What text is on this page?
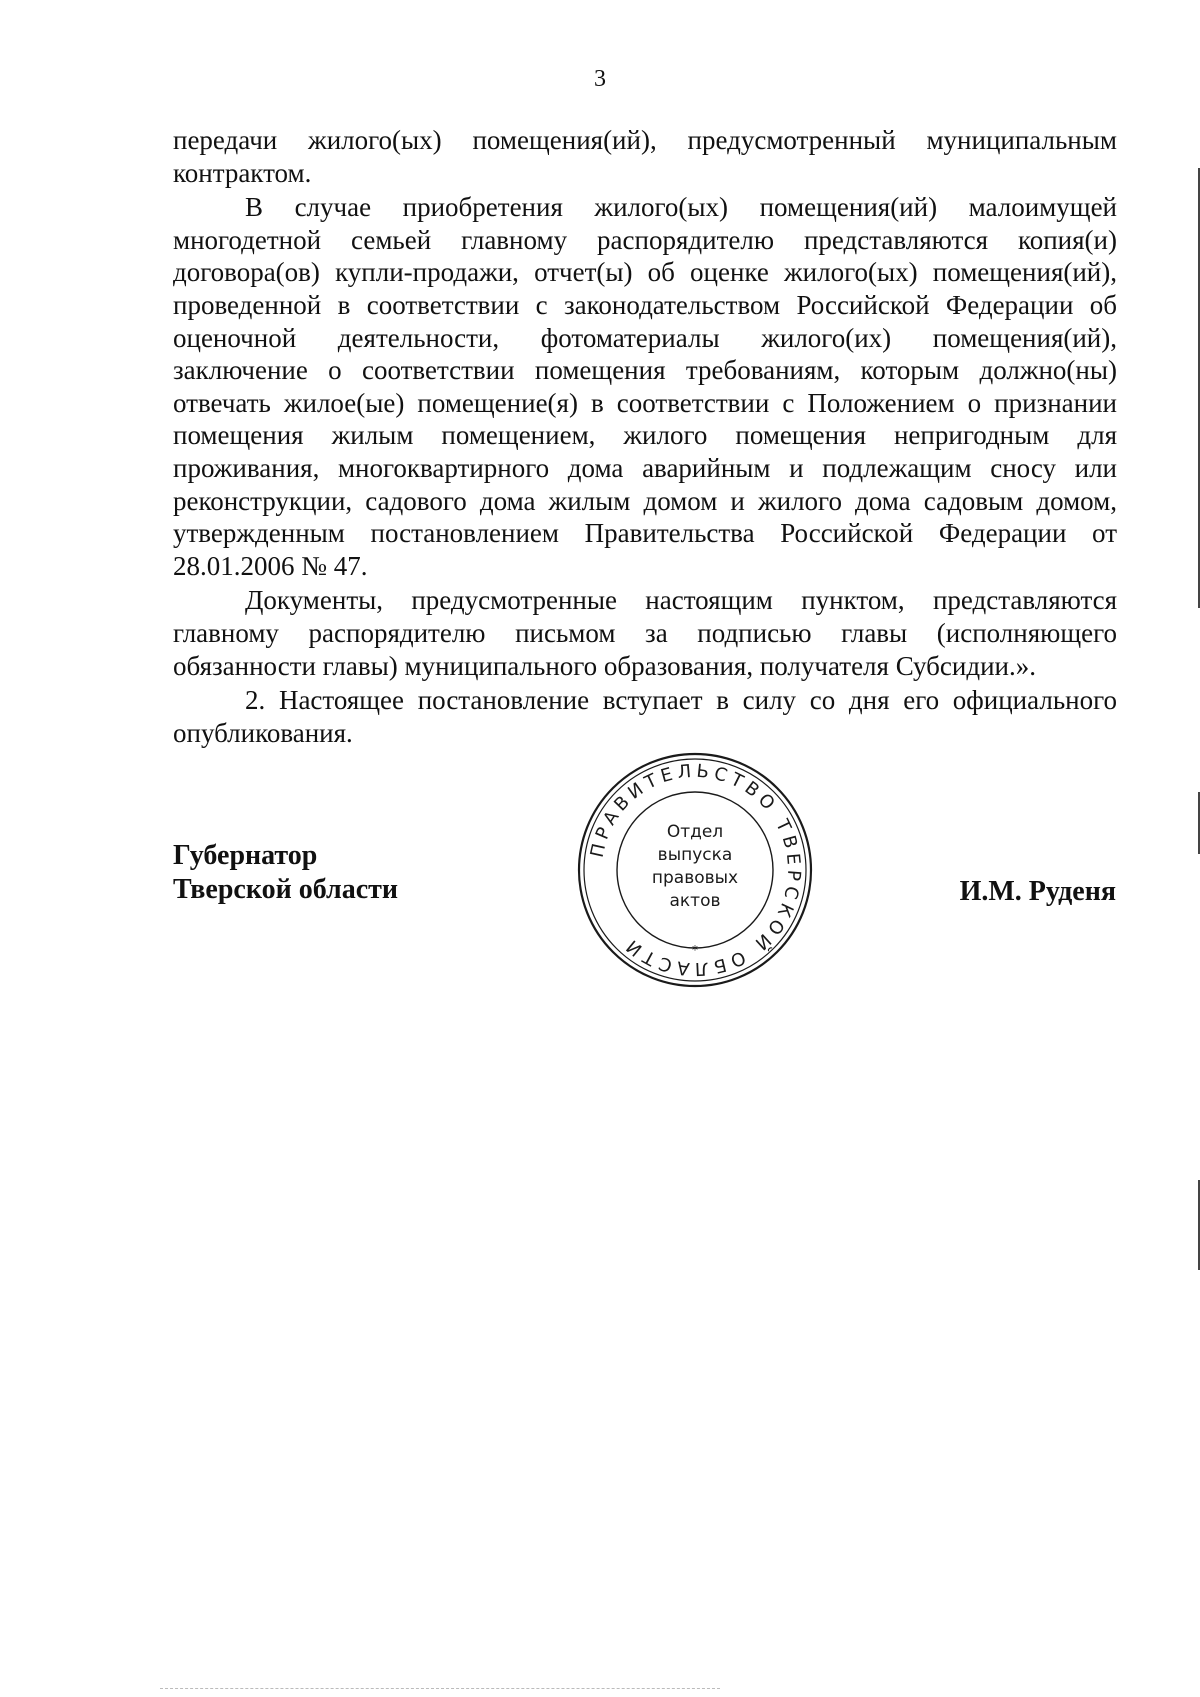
3

передачи жилого(ых) помещения(ий), предусмотренный муниципальным контрактом.

В случае приобретения жилого(ых) помещения(ий) малоимущей многодетной семьей главному распорядителю представляются копия(и) договора(ов) купли-продажи, отчет(ы) об оценке жилого(ых) помещения(ий), проведенной в соответствии с законодательством Российской Федерации об оценочной деятельности, фотоматериалы жилого(их) помещения(ий), заключение о соответствии помещения требованиям, которым должно(ны) отвечать жилое(ые) помещение(я) в соответствии с Положением о признании помещения жилым помещением, жилого помещения непригодным для проживания, многоквартирного дома аварийным и подлежащим сносу или реконструкции, садового дома жилым домом и жилого дома садовым домом, утвержденным постановлением Правительства Российской Федерации от 28.01.2006 № 47.

Документы, предусмотренные настоящим пунктом, представляются главному распорядителю письмом за подписью главы (исполняющего обязанности главы) муниципального образования, получателя Субсидии.».

2. Настоящее постановление вступает в силу со дня его официального опубликования.

Губернатор
Тверской области
ПРАВИТЕЛЬСТВО ТВЕРСКОЙ ОБЛАСТИ	*
Отдел
выпуска
правовых
актов	И.М. Руденя
